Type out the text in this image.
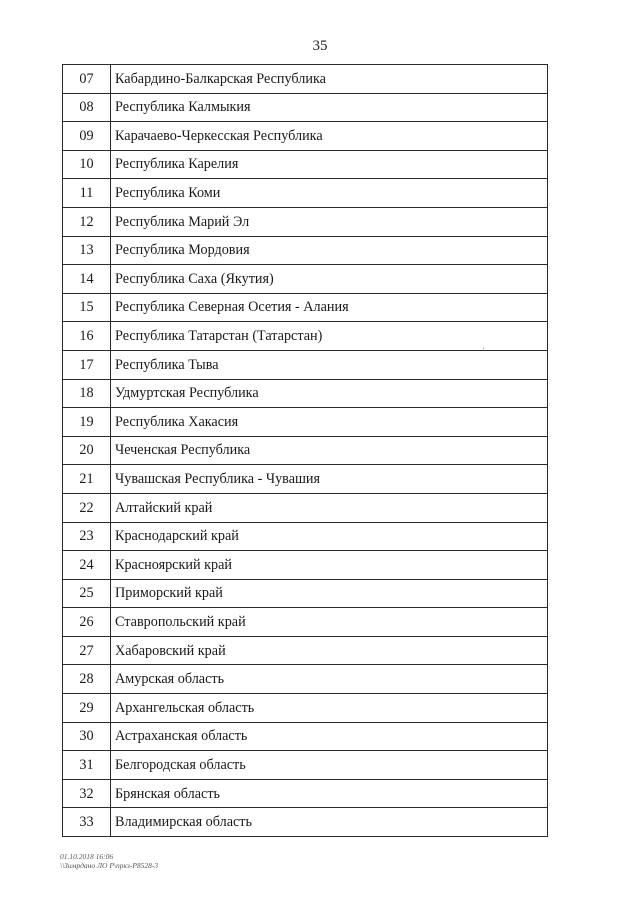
35
07	Кабардино-Балкарская Республика
08	Республика Калмыкия
09	Карачаево-Черкесская Республика
10	Республика Карелия
11	Республика Коми
12	Республика Марий Эл
13	Республика Мордовия
14	Республика Саха (Якутия)
15	Республика Северная Осетия - Алания
16	Республика Татарстан (Татарстан)
17	Республика Тыва
18	Удмуртская Республика
19	Республика Хакасия
20	Чеченская Республика
21	Чувашская Республика - Чувашия
22	Алтайский край
23	Краснодарский край
24	Красноярский край
25	Приморский край
26	Ставропольский край
27	Хабаровский край
28	Амурская область
29	Архангельская область
30	Астраханская область
31	Белгородская область
32	Брянская область
33	Владимирская область
01.10.2018 16:06
\\Зимрдано ЛО Р\пркз-Р8528-3
